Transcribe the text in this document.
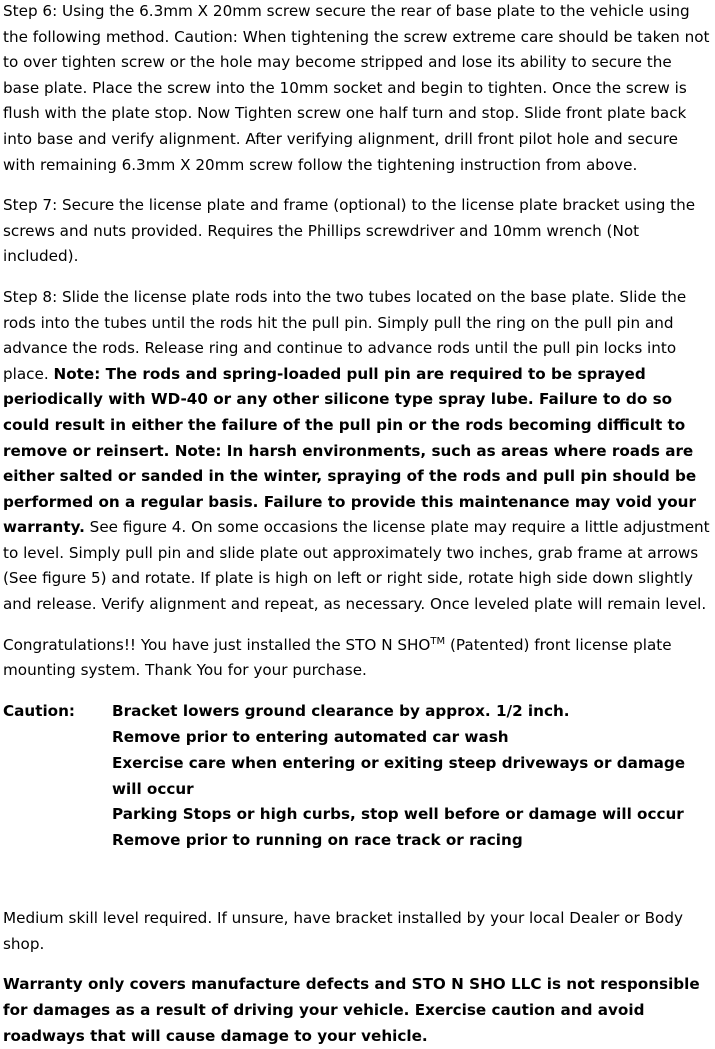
Step 6: Using the 6.3mm X 20mm screw secure the rear of base plate to the vehicle using the following method. Caution: When tightening the screw extreme care should be taken not to over tighten screw or the hole may become stripped and lose its ability to secure the base plate. Place the screw into the 10mm socket and begin to tighten. Once the screw is flush with the plate stop. Now Tighten screw one half turn and stop. Slide front plate back into base and verify alignment. After verifying alignment, drill front pilot hole and secure with remaining 6.3mm X 20mm screw follow the tightening instruction from above.

Step 7: Secure the license plate and frame (optional) to the license plate bracket using the screws and nuts provided. Requires the Phillips screwdriver and 10mm wrench (Not included).

Step 8: Slide the license plate rods into the two tubes located on the base plate. Slide the rods into the tubes until the rods hit the pull pin. Simply pull the ring on the pull pin and advance the rods. Release ring and continue to advance rods until the pull pin locks into place. Note: The rods and spring-loaded pull pin are required to be sprayed periodically with WD-40 or any other silicone type spray lube. Failure to do so could result in either the failure of the pull pin or the rods becoming difficult to remove or reinsert. Note: In harsh environments, such as areas where roads are either salted or sanded in the winter, spraying of the rods and pull pin should be performed on a regular basis. Failure to provide this maintenance may void your warranty. See figure 4. On some occasions the license plate may require a little adjustment to level. Simply pull pin and slide plate out approximately two inches, grab frame at arrows (See figure 5) and rotate. If plate is high on left or right side, rotate high side down slightly and release. Verify alignment and repeat, as necessary. Once leveled plate will remain level.

Congratulations!! You have just installed the STO N SHO™ (Patented) front license plate mounting system. Thank You for your purchase.

Caution:	Bracket lowers ground clearance by approx. 1/2 inch.
Remove prior to entering automated car wash
Exercise care when entering or exiting steep driveways or damage will occur
Parking Stops or high curbs, stop well before or damage will occur
Remove prior to running on race track or racing

Medium skill level required. If unsure, have bracket installed by your local Dealer or Body shop.

Warranty only covers manufacture defects and STO N SHO LLC is not responsible for damages as a result of driving your vehicle. Exercise caution and avoid roadways that will cause damage to your vehicle.
